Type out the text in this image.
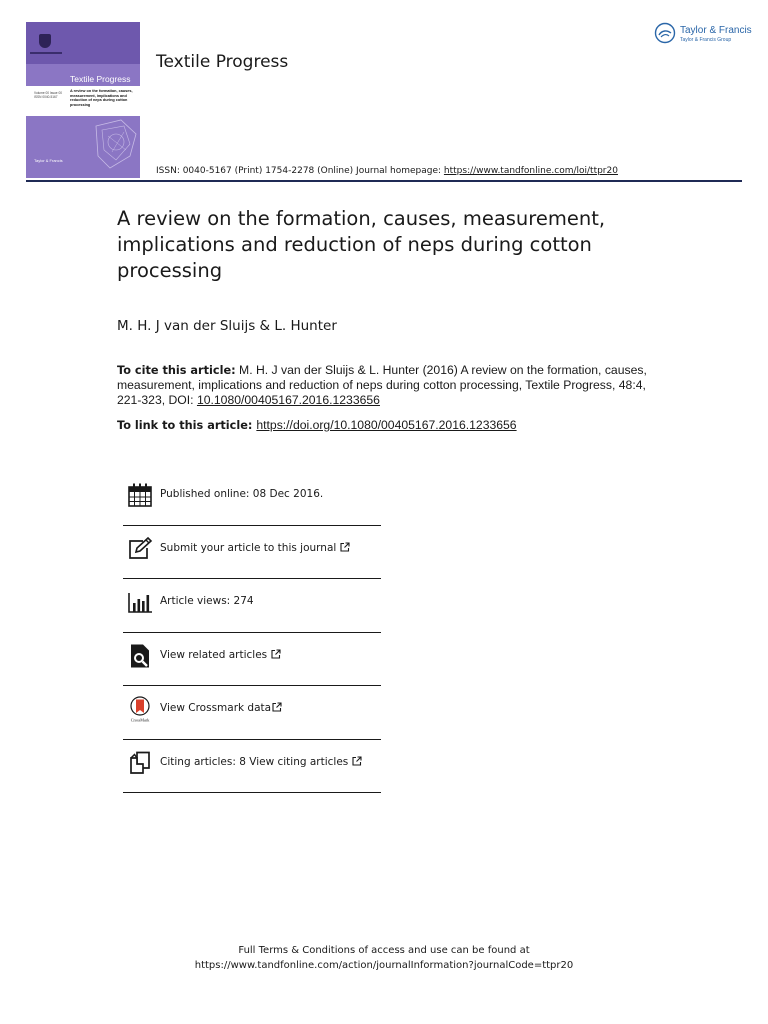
Textile Progress
Volume 00 Issue 00
ISSN 0040-5167
A review on the formation, causes, measurement, implications and reduction of neps during cotton processing
Taylor & Francis
Textile Progress
Taylor & Francis
Taylor & Francis Group
ISSN: 0040-5167 (Print) 1754-2278 (Online) Journal homepage: https://www.tandfonline.com/loi/ttpr20
A review on the formation, causes, measurement, implications and reduction of neps during cotton processing
M. H. J van der Sluijs & L. Hunter
To cite this article: M. H. J van der Sluijs & L. Hunter (2016) A review on the formation, causes, measurement, implications and reduction of neps during cotton processing, Textile Progress, 48:4, 221-323, DOI: 10.1080/00405167.2016.1233656
To link to this article: https://doi.org/10.1080/00405167.2016.1233656
Published online: 08 Dec 2016.
Submit your article to this journal
Article views: 274
View related articles
CrossMark
View Crossmark data
Citing articles: 8 View citing articles
Full Terms & Conditions of access and use can be found at
https://www.tandfonline.com/action/journalInformation?journalCode=ttpr20
